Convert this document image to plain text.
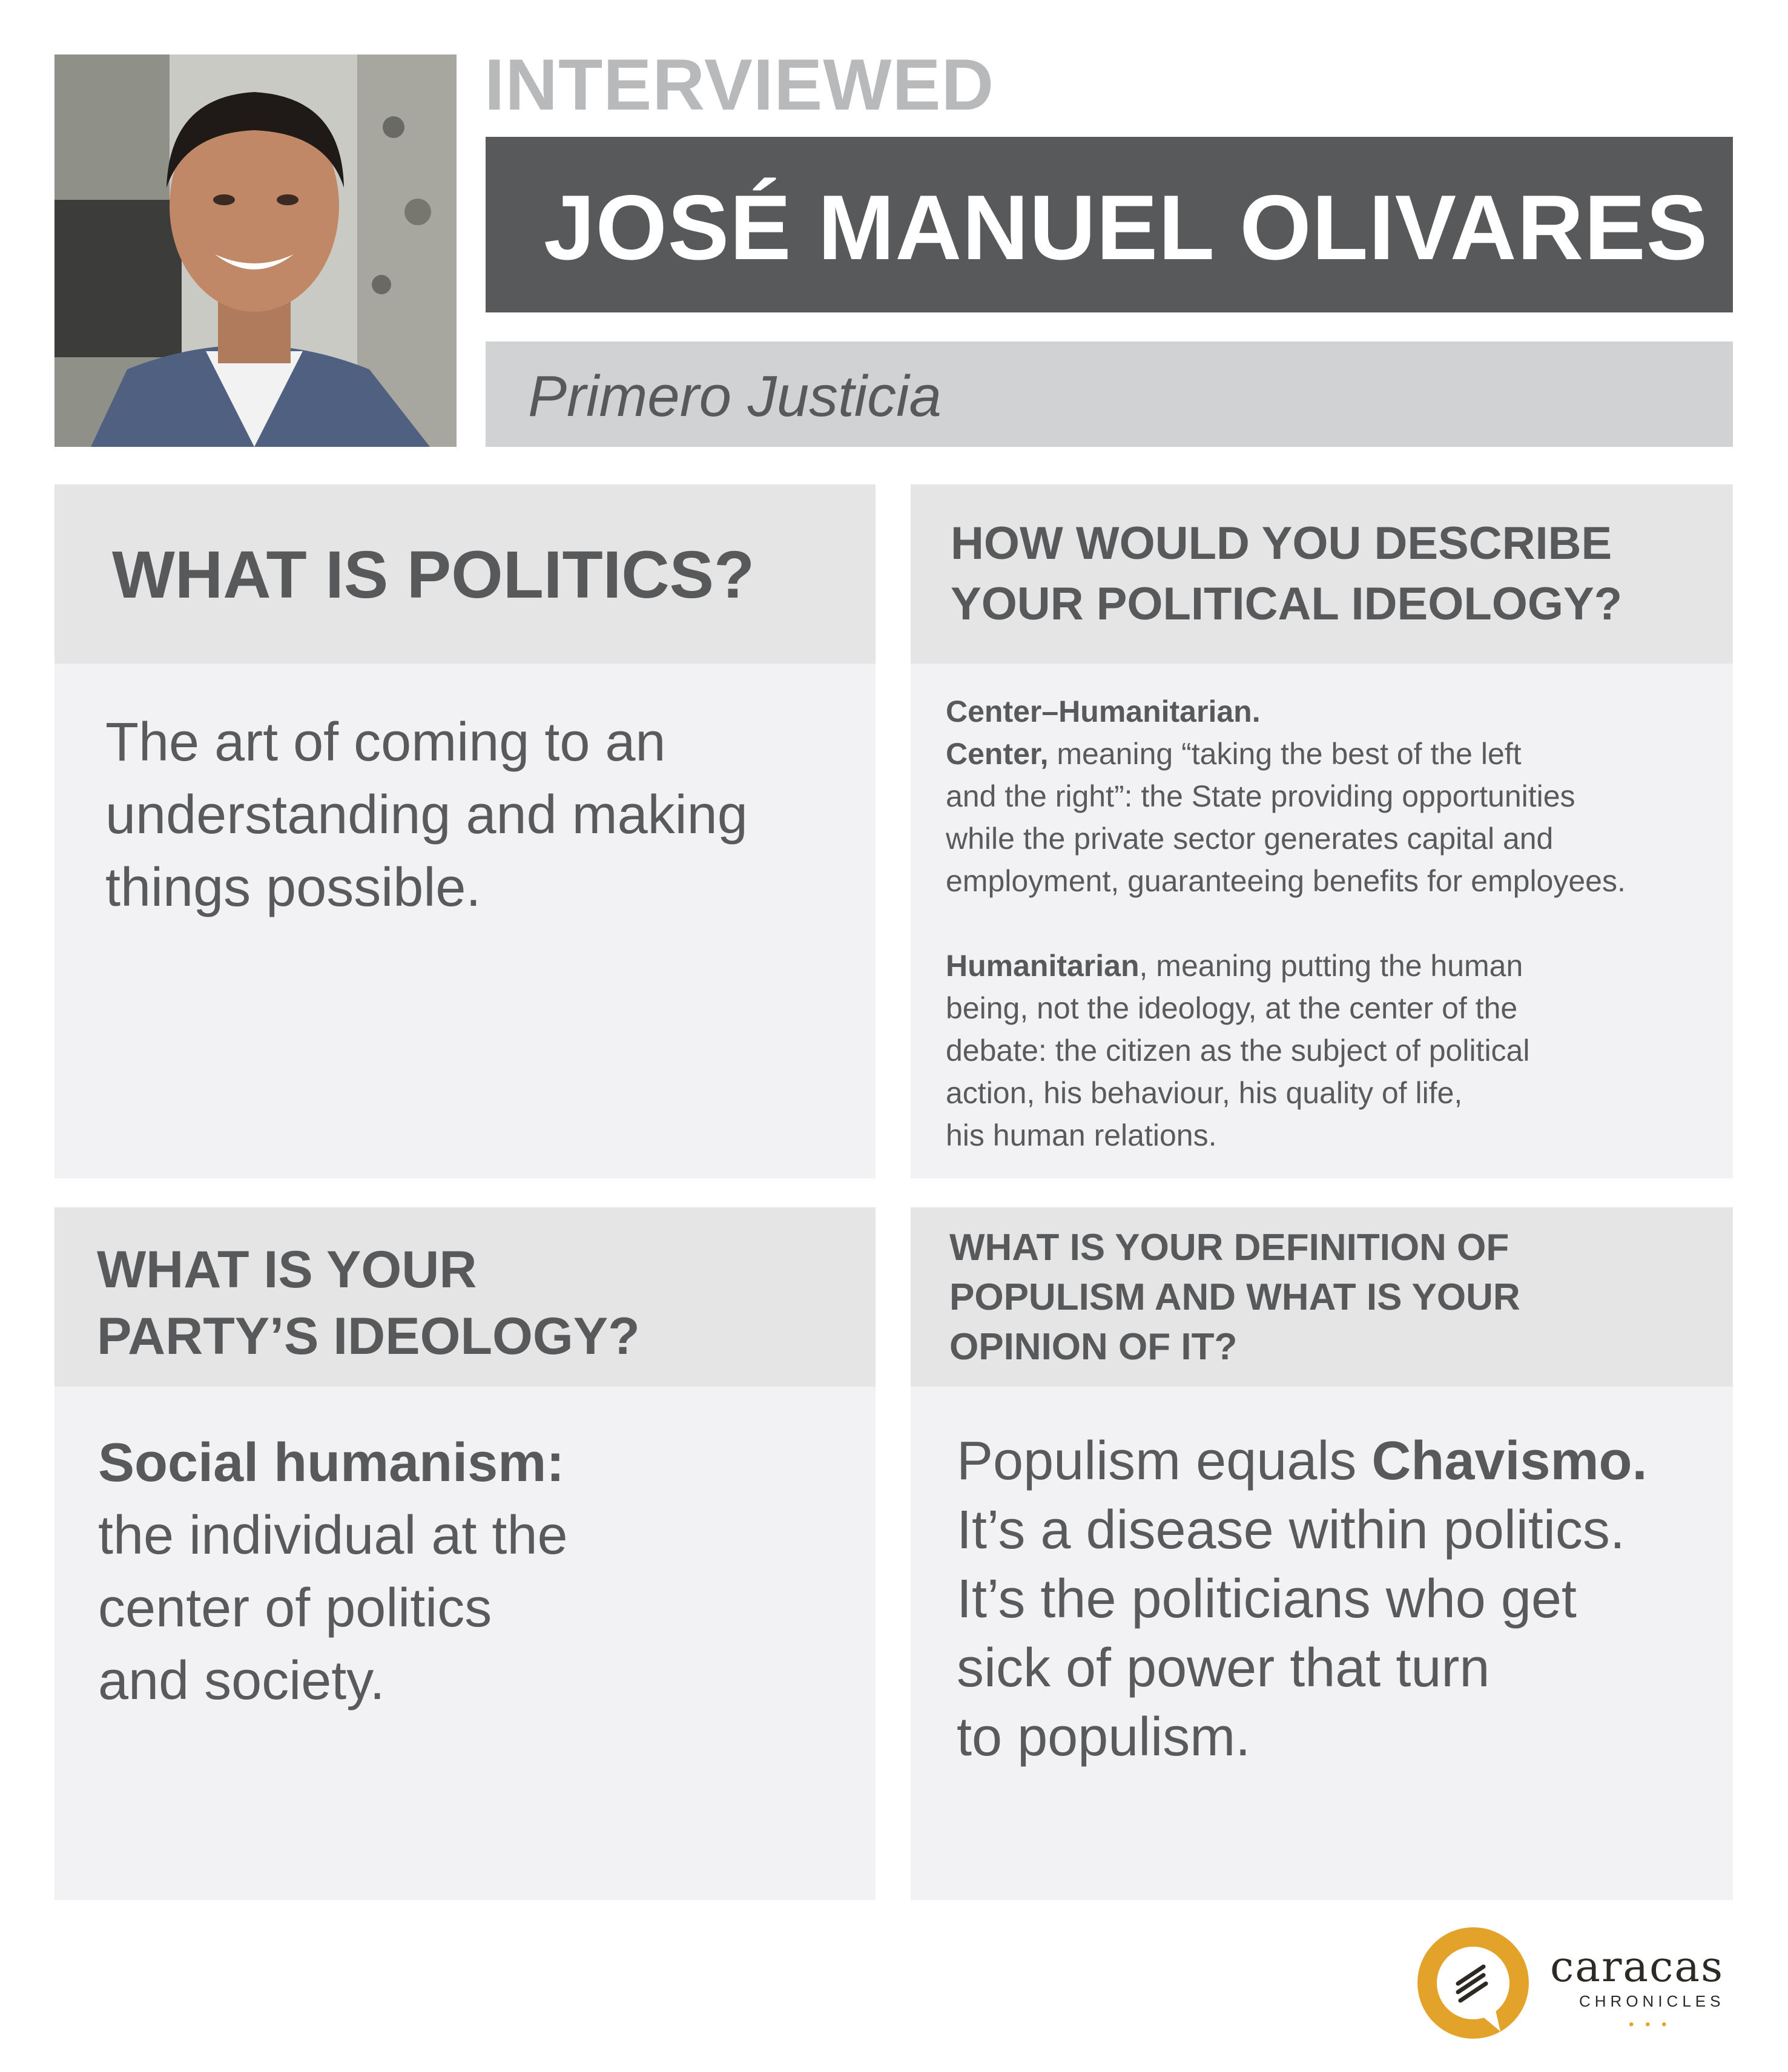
INTERVIEWED
JOSÉ MANUEL OLIVARES
Primero Justicia
WHAT IS POLITICS?
The art of coming to an
understanding and making
things possible.
HOW WOULD YOU DESCRIBE
YOUR POLITICAL IDEOLOGY?
Center–Humanitarian.
Center, meaning “taking the best of the left
and the right”: the State providing opportunities
while the private sector generates capital and
employment, guaranteeing benefits for employees.
Humanitarian, meaning putting the human
being, not the ideology, at the center of the
debate: the citizen as the subject of political
action, his behaviour, his quality of life,
his human relations.
WHAT IS YOUR
PARTY’S IDEOLOGY?
Social humanism:
the individual at the
center of politics
and society.
WHAT IS YOUR DEFINITION OF
POPULISM AND WHAT IS YOUR
OPINION OF IT?
Populism equals Chavismo.
It’s a disease within politics.
It’s the politicians who get
sick of power that turn
to populism.
caracas
CHRONICLES
• • •
